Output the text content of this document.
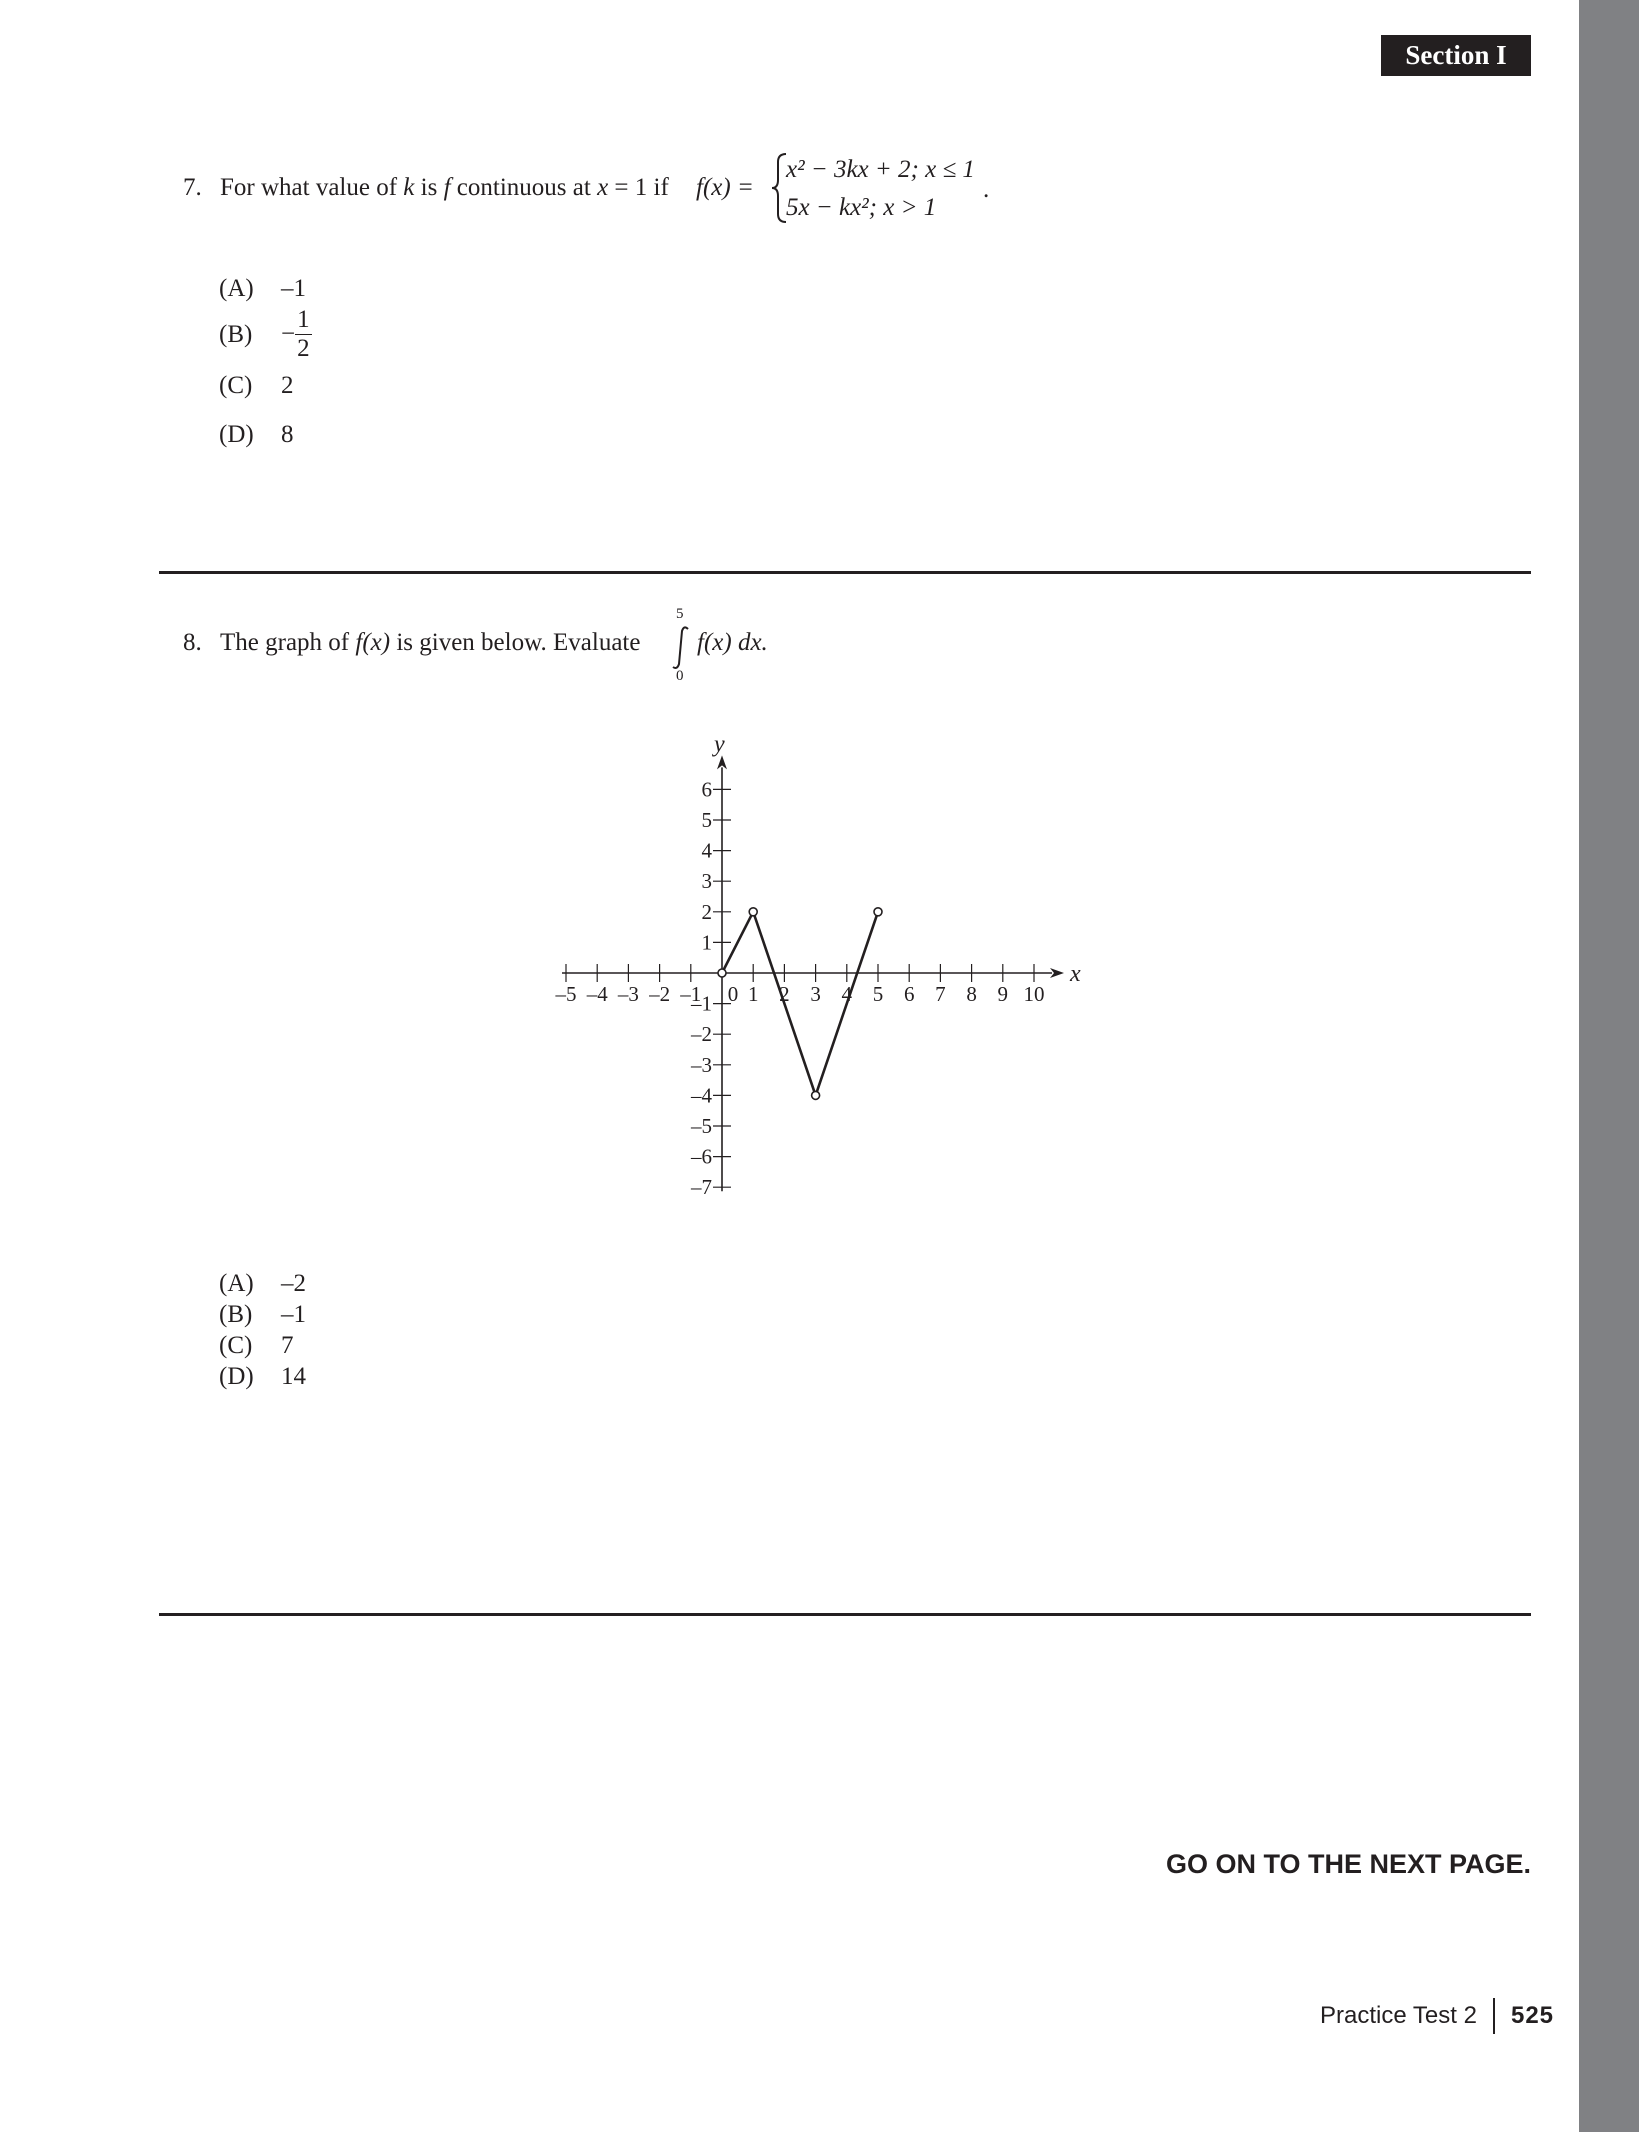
Section I
7. For what value of k is f continuous at x = 1 if f(x) =
x² − 3kx + 2; x ≤ 1
5x − kx²; x > 1
.
(A) –1
$(B) - \frac{1}{2}$
(C) 2
(D) 8
8. The graph of f(x) is given below. Evaluate
5
0
f(x) dx.
x
y
–5 –4 –3 –2 –1 0 1 2 3 4 5 6 7 8 9 10
–7
–6
–5
–4
–3
–2
–1
1
2
3
4
5
6
(A) –2
(B) –1
(C) 7
(D) 14
GO ON TO THE NEXT PAGE.
Practice Test 2 525
